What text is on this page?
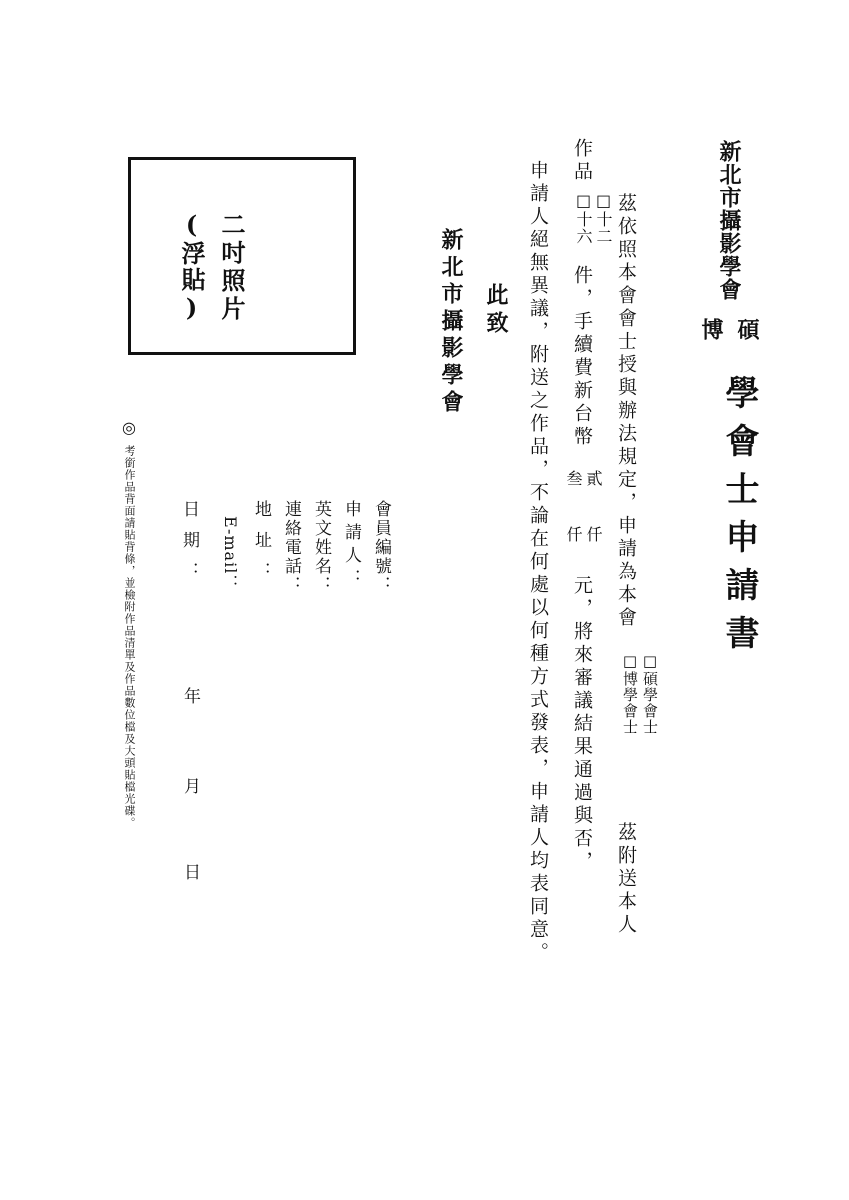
新北市攝影學會
碩
博
學會士申請書
茲依照本會會士授與辦法規定，申請為本會
□碩學會士
□博學會士
茲附送本人
作品
□十二
□十六
件，手續費新台幣
貳仟
叁仟
元，將來審議結果通過與否，
申請人絕無異議，附送之作品，不論在何處以何種方式發表，申請人均表同意。
此致
新北市攝影學會
會員編號：
申請人：
英文姓名：
連絡電話：
地址：
E-mail：
日期：
年
月
日
二吋照片
(浮貼)
◎
考銜作品背面請貼背條，並檢附作品清單及作品數位檔及大頭貼檔光碟。
